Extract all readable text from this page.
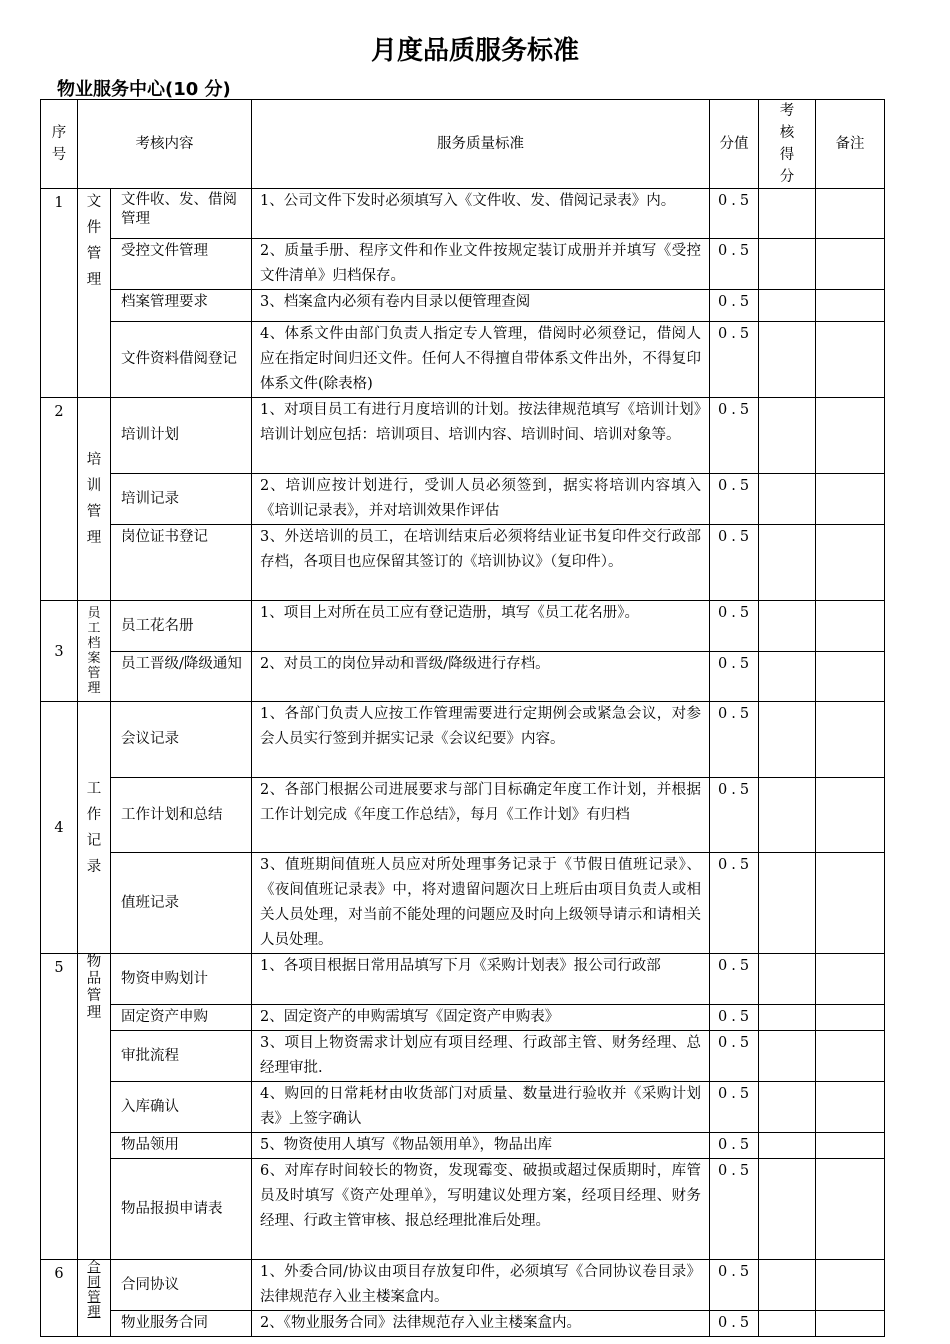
月度品质服务标准
物业服务中心(10 分)
序号	考核内容		服务质量标准	分值	考核得分	备注
1	文件管理	文件收、发、借阅管理	1、公司文件下发时必须填写入《文件收、发、借阅记录表》内。	0.5		
		受控文件管理	2、质量手册、程序文件和作业文件按规定装订成册并并填写《受控文件清单》归档保存。	0.5		
		档案管理要求	3、档案盒内必须有卷内目录以便管理查阅	0.5		
		文件资料借阅登记	4、体系文件由部门负责人指定专人管理，借阅时必须登记，借阅人应在指定时间归还文件。任何人不得擅自带体系文件出外，不得复印体系文件(除表格)	0.5		
2	培训管理	培训计划	1、对项目员工有进行月度培训的计划。按法律规范填写《培训计划》培训计划应包括：培训项目、培训内容、培训时间、培训对象等。	0.5		
		培训记录	2、培训应按计划进行，受训人员必须签到，据实将培训内容填入《培训记录表》，并对培训效果作评估	0.5		
		岗位证书登记	3、外送培训的员工，在培训结束后必须将结业证书复印件交行政部存档，各项目也应保留其签订的《培训协议》（复印件）。	0.5		
3	员工档案管理	员工花名册	1、项目上对所在员工应有登记造册，填写《员工花名册》。	0.5		
		员工晋级/降级通知	2、对员工的岗位异动和晋级/降级进行存档。	0.5		
4	工作记录	会议记录	1、各部门负责人应按工作管理需要进行定期例会或紧急会议，对参会人员实行签到并据实记录《会议纪要》内容。	0.5		
		工作计划和总结	2、各部门根据公司进展要求与部门目标确定年度工作计划，并根据工作计划完成《年度工作总结》，每月《工作计划》有归档	0.5		
		值班记录	3、值班期间值班人员应对所处理事务记录于《节假日值班记录》、《夜间值班记录表》中，将对遗留问题次日上班后由项目负责人或相关人员处理，对当前不能处理的问题应及时向上级领导请示和请相关人员处理。	0.5		
5	物品管理	物资申购划计	1、各项目根据日常用品填写下月《采购计划表》报公司行政部	0.5		
		固定资产申购	2、固定资产的申购需填写《固定资产申购表》	0.5		
		审批流程	3、项目上物资需求计划应有项目经理、行政部主管、财务经理、总经理审批.	0.5		
		入库确认	4、购回的日常耗材由收货部门对质量、数量进行验收并《采购计划表》上签字确认	0.5		
		物品领用	5、物资使用人填写《物品领用单》，物品出库	0.5		
		物品报损申请表	6、对库存时间较长的物资，发现霉变、破损或超过保质期时，库管员及时填写《资产处理单》，写明建议处理方案，经项目经理、财务经理、行政主管审核、报总经理批准后处理。	0.5		
6	合同管理	合同协议	1、外委合同/协议由项目存放复印件，必须填写《合同协议卷目录》法律规范存入业主楼案盒内。	0.5		
		物业服务合同	2、《物业服务合同》法律规范存入业主楼案盒内。	0.5		
